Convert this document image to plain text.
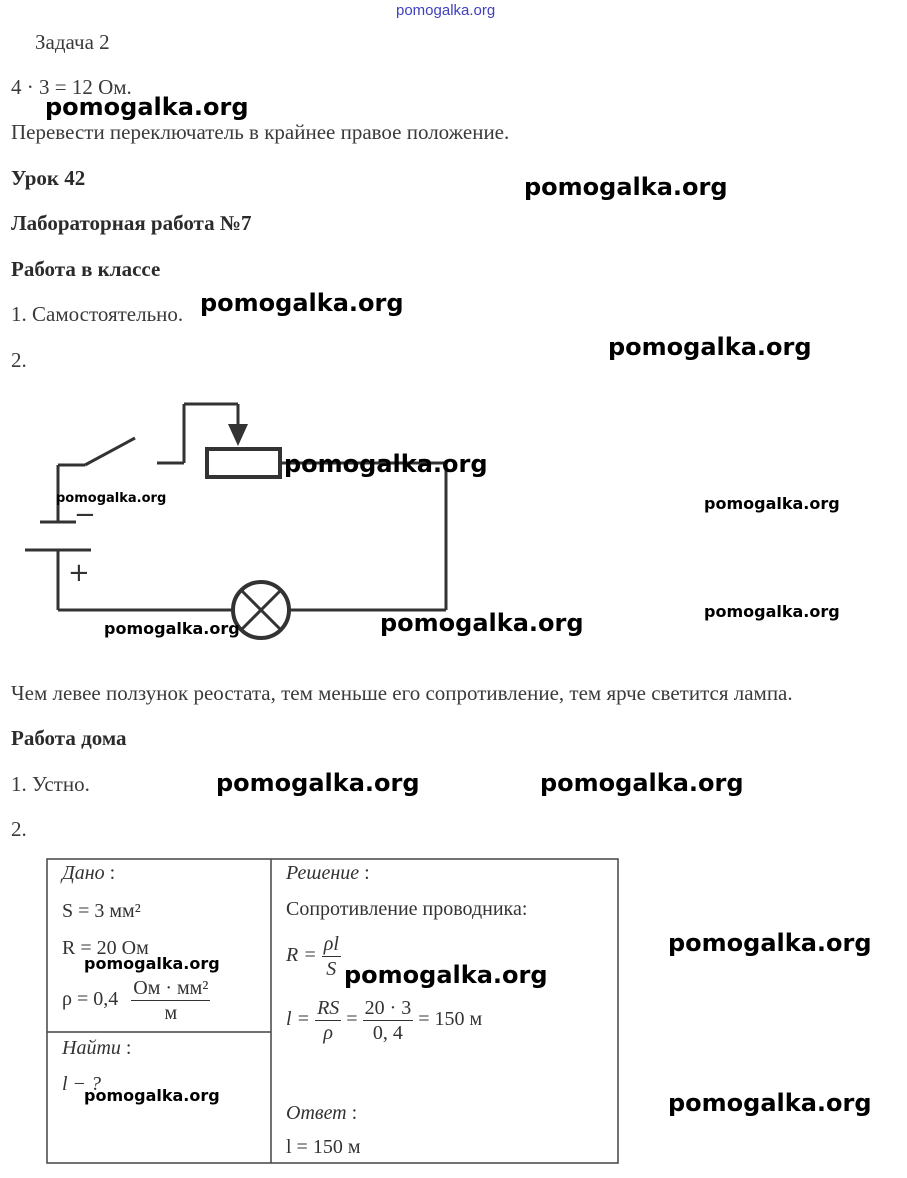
pomogalka.org
Задача 2
4 · 3 = 12 Ом.
Перевести переключатель в крайнее правое положение.
Урок 42
Лабораторная работа №7
Работа в классе
1. Самостоятельно.
2.
−
+
Чем левее ползунок реостата, тем меньше его сопротивление, тем ярче светится лампа.
Работа дома
1. Устно.
2.
Дано :
S = 3 мм²
R = 20 Ом
$\rho = 0,4 \frac{\text{Ом · мм²}}{м}$
Найти :
l − ?
Решение :
Сопротивление проводника:
$R = \frac{\rho l}{S}$
$l = \frac{RS}{\rho} = \frac{20 \cdot 3}{0, 4} = 150$ м
Ответ :
l = 150 м
pomogalka.org
pomogalka.org
pomogalka.org
pomogalka.org
pomogalka.org
pomogalka.org	pomogalka.org
pomogalka.org
pomogalka.org	pomogalka.org
pomogalka.org	pomogalka.org
pomogalka.org
pomogalka.org	pomogalka.org
pomogalka.org	pomogalka.org
